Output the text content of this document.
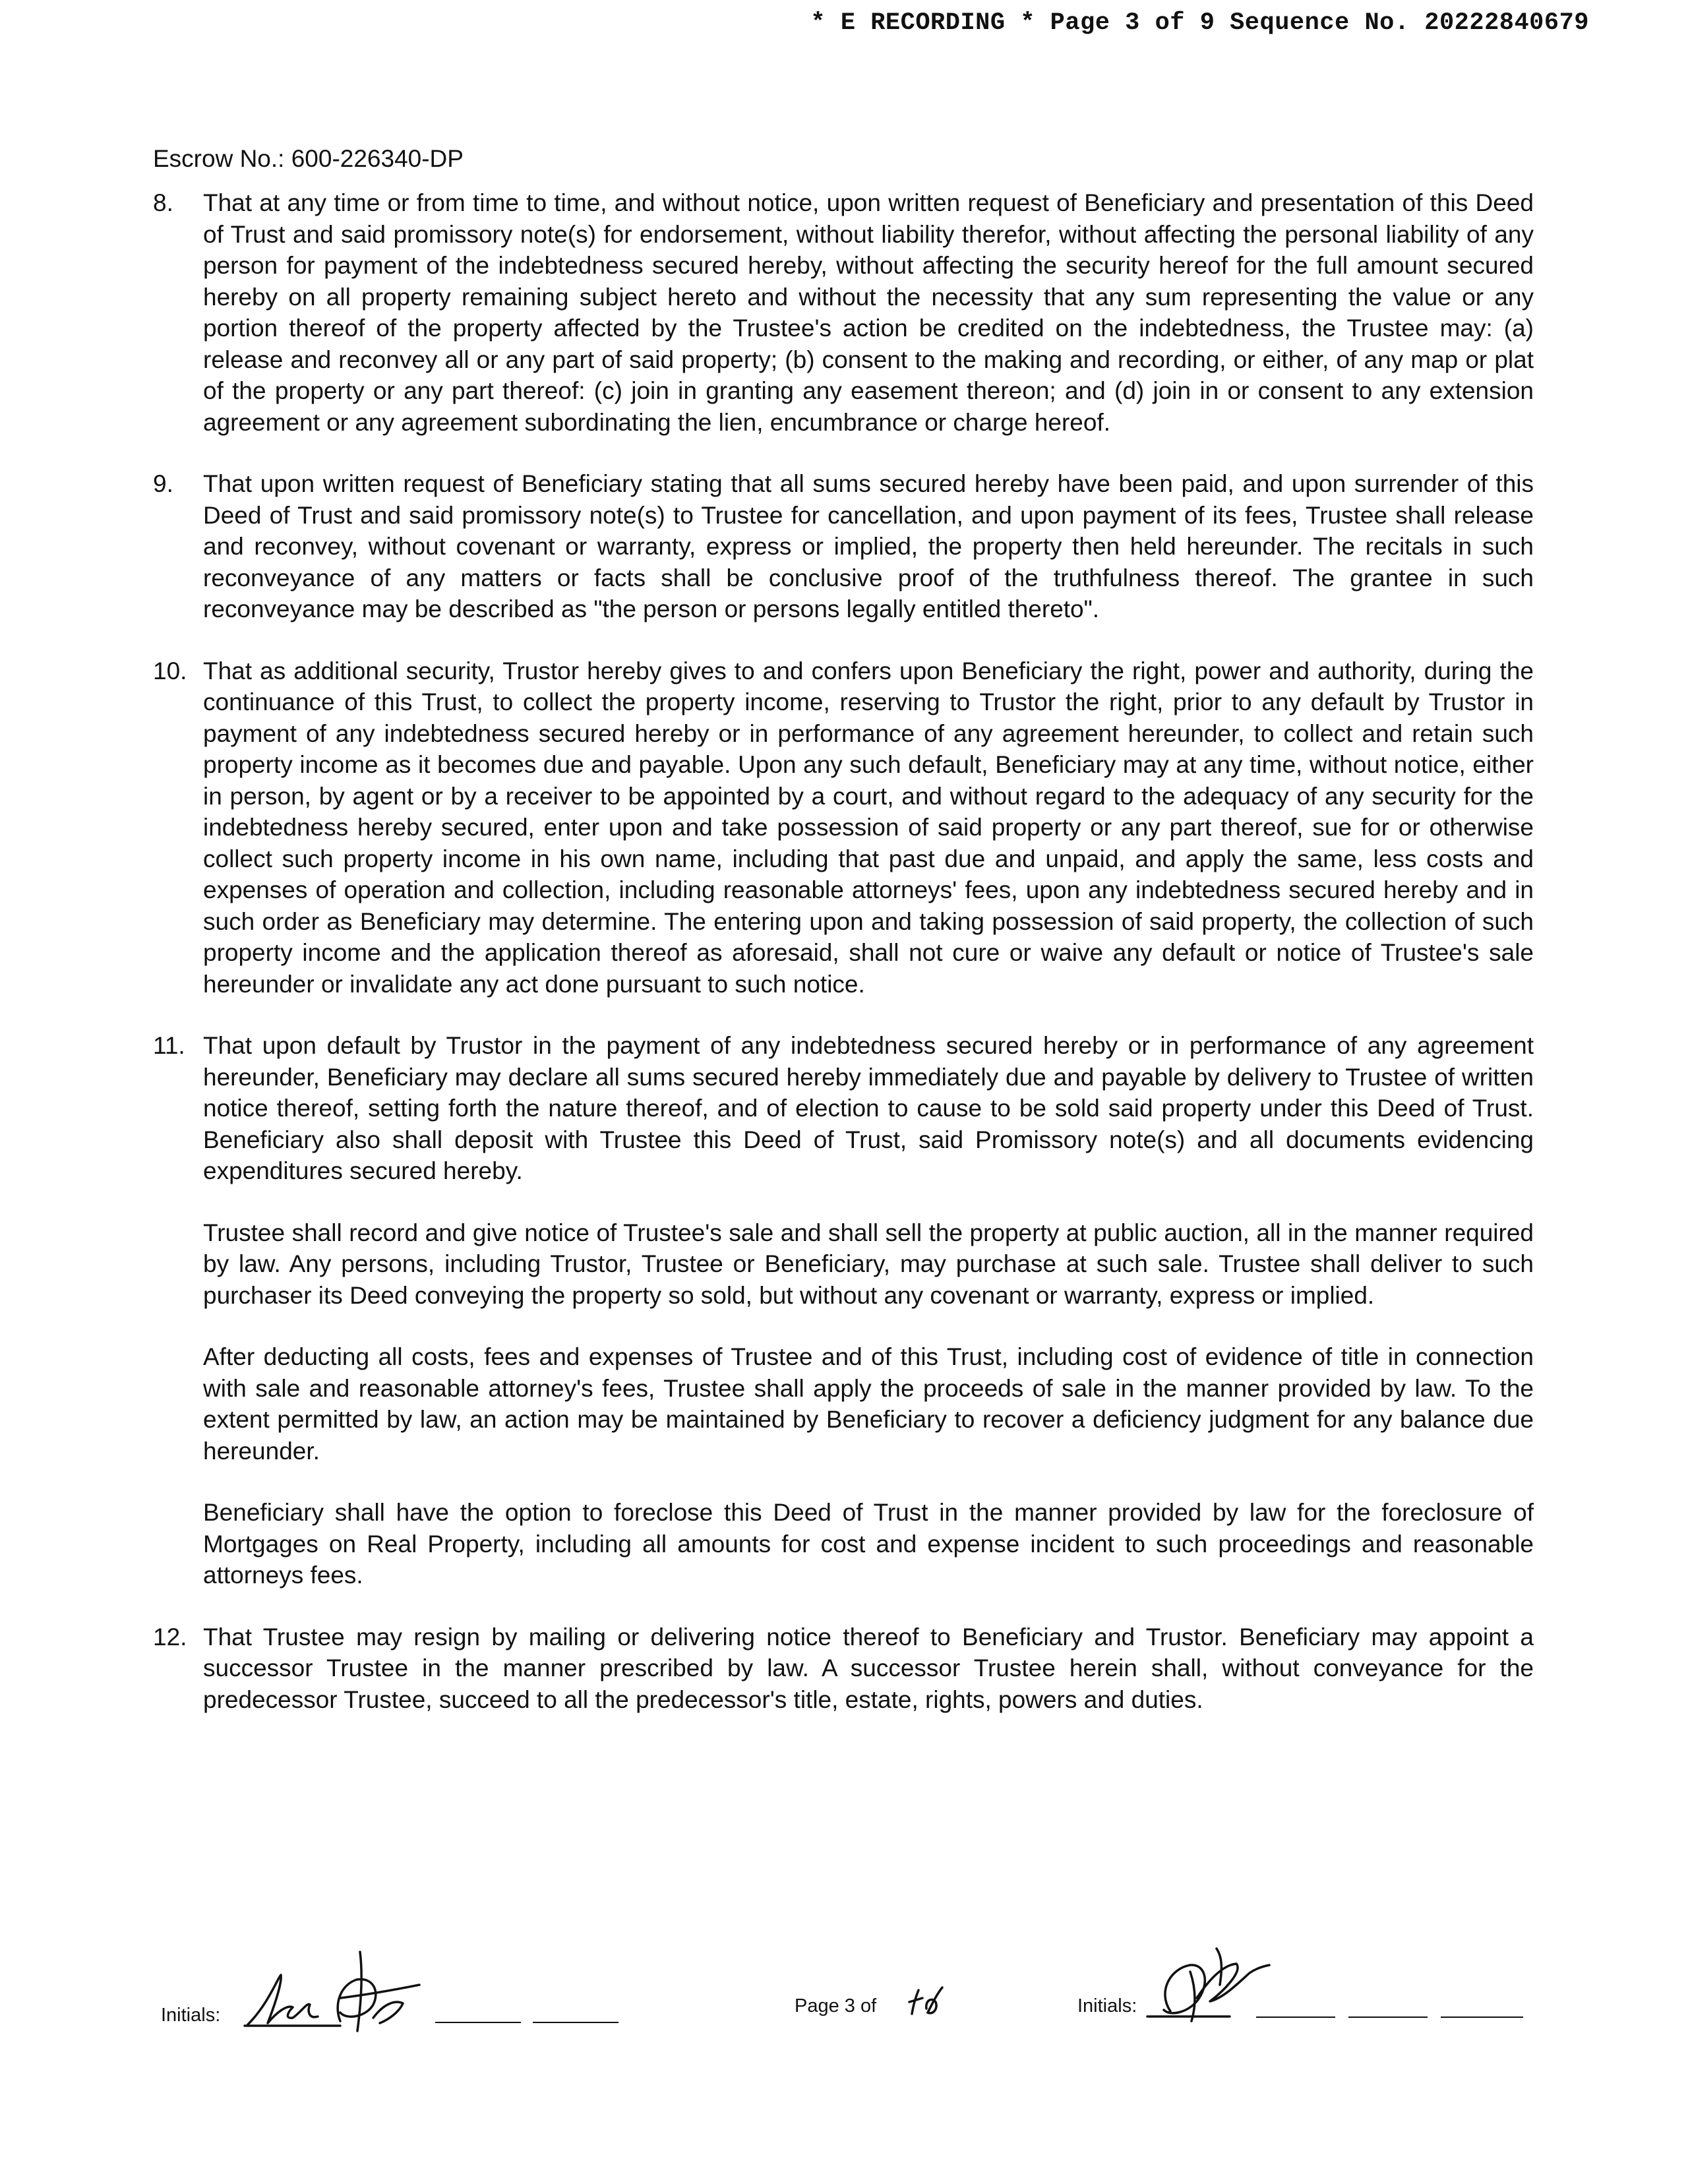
* E RECORDING * Page 3 of 9 Sequence No. 20222840679
Escrow No.: 600-226340-DP
8.	That at any time or from time to time, and without notice, upon written request of Beneficiary and presentation of this Deed of Trust and said promissory note(s) for endorsement, without liability therefor, without affecting the personal liability of any person for payment of the indebtedness secured hereby, without affecting the security hereof for the full amount secured hereby on all property remaining subject hereto and without the necessity that any sum representing the value or any portion thereof of the property affected by the Trustee's action be credited on the indebtedness, the Trustee may: (a) release and reconvey all or any part of said property; (b) consent to the making and recording, or either, of any map or plat of the property or any part thereof: (c) join in granting any easement thereon; and (d) join in or consent to any extension agreement or any agreement subordinating the lien, encumbrance or charge hereof.

9.	That upon written request of Beneficiary stating that all sums secured hereby have been paid, and upon surrender of this Deed of Trust and said promissory note(s) to Trustee for cancellation, and upon payment of its fees, Trustee shall release and reconvey, without covenant or warranty, express or implied, the property then held hereunder. The recitals in such reconveyance of any matters or facts shall be conclusive proof of the truthfulness thereof. The grantee in such reconveyance may be described as "the person or persons legally entitled thereto".

10. That as additional security, Trustor hereby gives to and confers upon Beneficiary the right, power and authority, during the continuance of this Trust, to collect the property income, reserving to Trustor the right, prior to any default by Trustor in payment of any indebtedness secured hereby or in performance of any agreement hereunder, to collect and retain such property income as it becomes due and payable. Upon any such default, Beneficiary may at any time, without notice, either in person, by agent or by a receiver to be appointed by a court, and without regard to the adequacy of any security for the indebtedness hereby secured, enter upon and take possession of said property or any part thereof, sue for or otherwise collect such property income in his own name, including that past due and unpaid, and apply the same, less costs and expenses of operation and collection, including reasonable attorneys' fees, upon any indebtedness secured hereby and in such order as Beneficiary may determine. The entering upon and taking possession of said property, the collection of such property income and the application thereof as aforesaid, shall not cure or waive any default or notice of Trustee's sale hereunder or invalidate any act done pursuant to such notice.

11. That upon default by Trustor in the payment of any indebtedness secured hereby or in performance of any agreement hereunder, Beneficiary may declare all sums secured hereby immediately due and payable by delivery to Trustee of written notice thereof, setting forth the nature thereof, and of election to cause to be sold said property under this Deed of Trust. Beneficiary also shall deposit with Trustee this Deed of Trust, said Promissory note(s) and all documents evidencing expenditures secured hereby.

Trustee shall record and give notice of Trustee's sale and shall sell the property at public auction, all in the manner required by law. Any persons, including Trustor, Trustee or Beneficiary, may purchase at such sale. Trustee shall deliver to such purchaser its Deed conveying the property so sold, but without any covenant or warranty, express or implied.

After deducting all costs, fees and expenses of Trustee and of this Trust, including cost of evidence of title in connection with sale and reasonable attorney's fees, Trustee shall apply the proceeds of sale in the manner provided by law. To the extent permitted by law, an action may be maintained by Beneficiary to recover a deficiency judgment for any balance due hereunder.

Beneficiary shall have the option to foreclose this Deed of Trust in the manner provided by law for the foreclosure of Mortgages on Real Property, including all amounts for cost and expense incident to such proceedings and reasonable attorneys fees.

12. That Trustee may resign by mailing or delivering notice thereof to Beneficiary and Trustor. Beneficiary may appoint a successor Trustee in the manner prescribed by law. A successor Trustee herein shall, without conveyance for the predecessor Trustee, succeed to all the predecessor's title, estate, rights, powers and duties.

Initials:	Page 3 of	Initials:
